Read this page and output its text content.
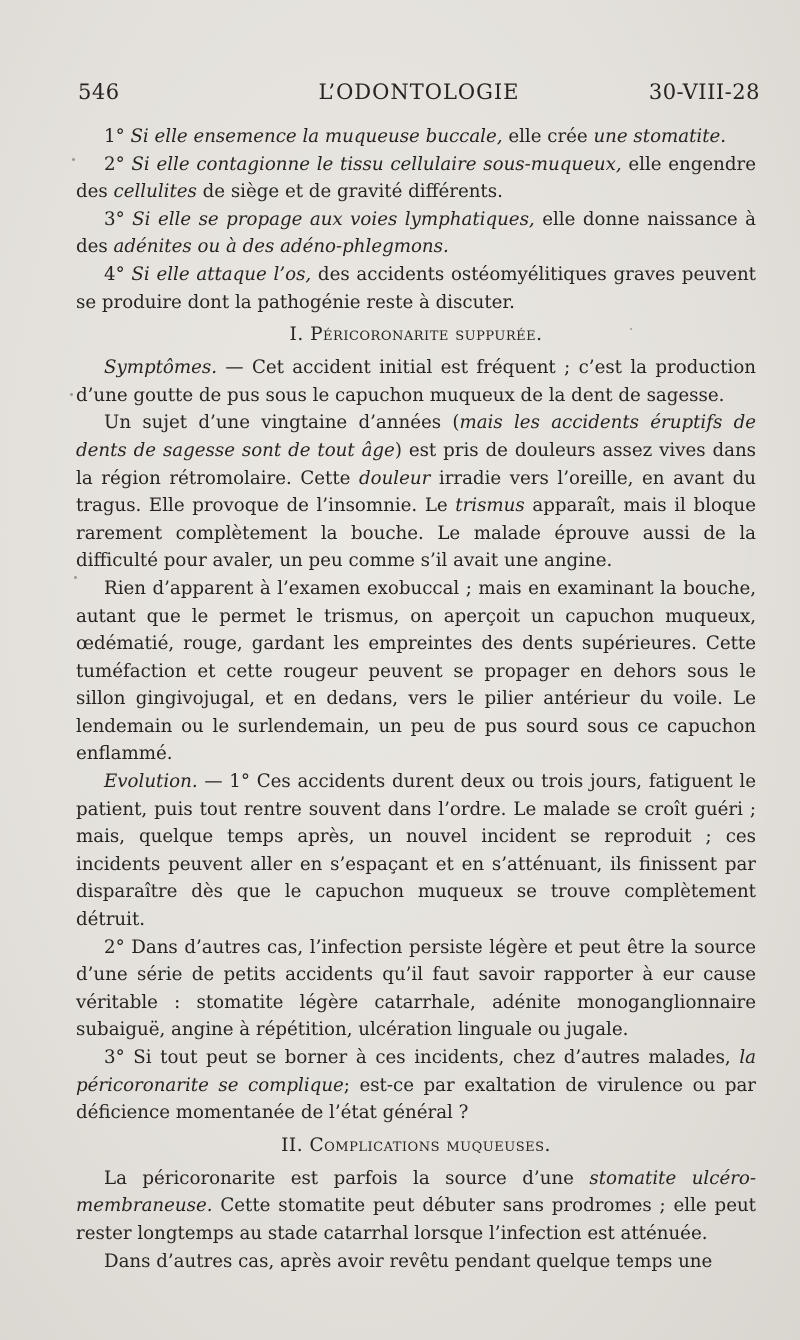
546	L’ODONTOLOGIE	30-VIII-28

1° Si elle ensemence la muqueuse buccale, elle crée une stomatite.

2° Si elle contagionne le tissu cellulaire sous-muqueux, elle engendre des cellulites de siège et de gravité différents.

3° Si elle se propage aux voies lymphatiques, elle donne naissance à des adénites ou à des adéno-phlegmons.

4° Si elle attaque l’os, des accidents ostéomyélitiques graves peuvent se produire dont la pathogénie reste à discuter.

I. Péricoronarite suppurée.

Symptômes. — Cet accident initial est fréquent ; c’est la production d’une goutte de pus sous le capuchon muqueux de la dent de sagesse.

Un sujet d’une vingtaine d’années (mais les accidents éruptifs de dents de sagesse sont de tout âge) est pris de douleurs assez vives dans la région rétromolaire. Cette douleur irradie vers l’oreille, en avant du tragus. Elle provoque de l’insomnie. Le trismus apparaît, mais il bloque rarement complètement la bouche. Le malade éprouve aussi de la difficulté pour avaler, un peu comme s’il avait une angine.

Rien d’apparent à l’examen exobuccal ; mais en examinant la bouche, autant que le permet le trismus, on aperçoit un capuchon muqueux, œdématié, rouge, gardant les empreintes des dents supérieures. Cette tuméfaction et cette rougeur peuvent se propager en dehors sous le sillon gingivojugal, et en dedans, vers le pilier antérieur du voile. Le lendemain ou le surlendemain, un peu de pus sourd sous ce capuchon enflammé.

Evolution. — 1° Ces accidents durent deux ou trois jours, fatiguent le patient, puis tout rentre souvent dans l’ordre. Le malade se croît guéri ; mais, quelque temps après, un nouvel incident se reproduit ; ces incidents peuvent aller en s’espaçant et en s’atténuant, ils finissent par disparaître dès que le capuchon muqueux se trouve complètement détruit.

2° Dans d’autres cas, l’infection persiste légère et peut être la source d’une série de petits accidents qu’il faut savoir rapporter à eur cause véritable : stomatite légère catarrhale, adénite monoganglionnaire subaiguë, angine à répétition, ulcération linguale ou jugale.

3° Si tout peut se borner à ces incidents, chez d’autres malades, la péricoronarite se complique; est-ce par exaltation de virulence ou par déficience momentanée de l’état général ?

II. Complications muqueuses.

La péricoronarite est parfois la source d’une stomatite ulcéro-membraneuse. Cette stomatite peut débuter sans prodromes ; elle peut rester longtemps au stade catarrhal lorsque l’infection est atténuée.

Dans d’autres cas, après avoir revêtu pendant quelque temps une
